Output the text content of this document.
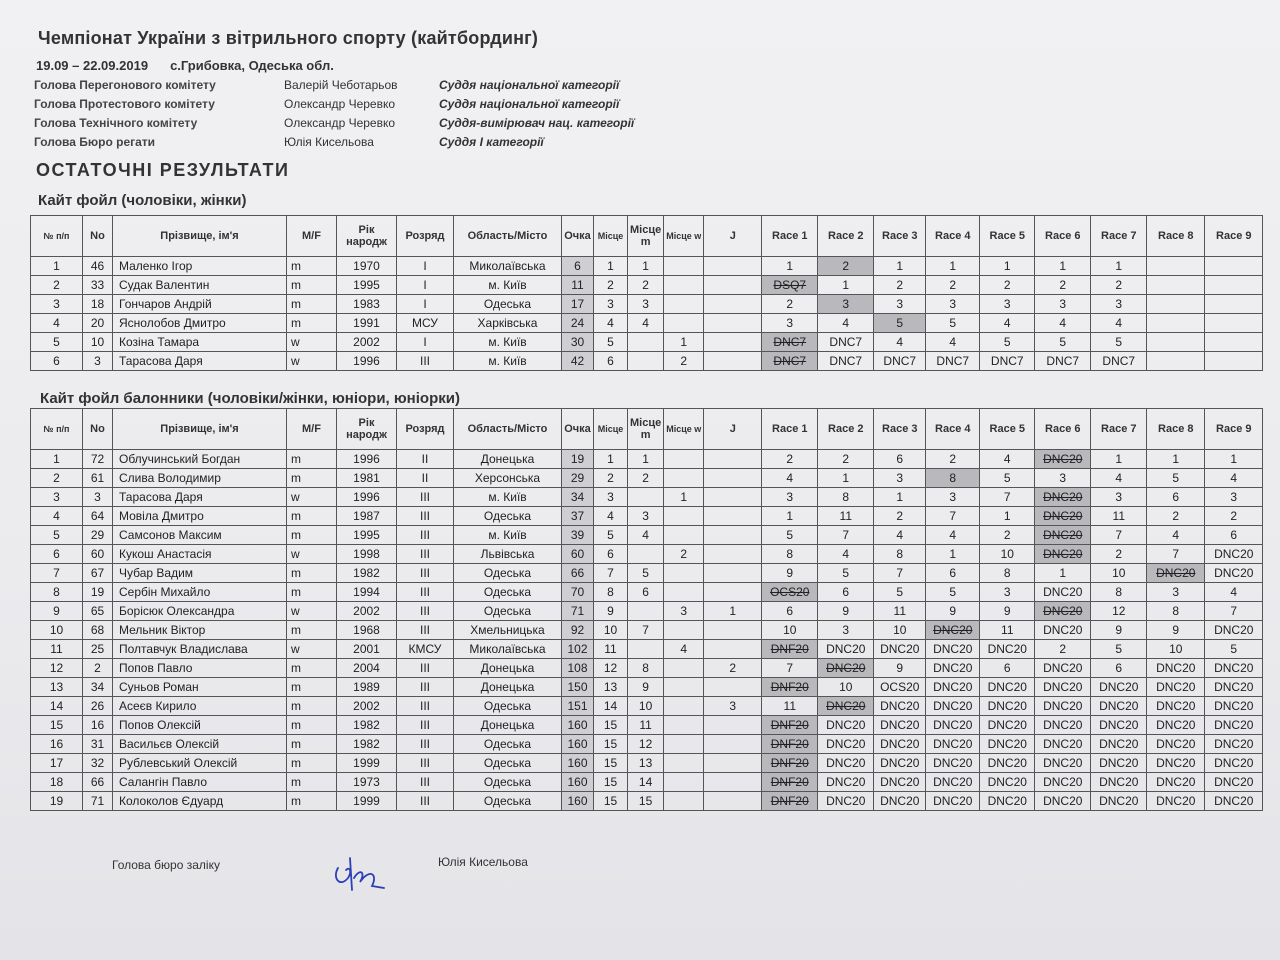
Чемпіонат України з вітрильного спорту (кайтбординг)
19.09 – 22.09.2019 с.Грибовка, Одеська обл.
Голова Перегонового комітету	Валерій Чеботарьов	Суддя національної категорії
Голова Протестового комітету	Олександр Черевко	Суддя національної категорії
Голова Технічного комітету	Олександр Черевко	Суддя-вимірювач нац. категорії
Голова Бюро регати	Юлія Кисельова	Суддя І категорії
ОСТАТОЧНІ РЕЗУЛЬТАТИ
Кайт фойл (чоловіки, жінки)
№ п/п	No	Прізвище, ім'я	M/F	Рік народж	Розряд	Область/Місто	Очка	Місце	Місце m	Місце w	J	Race 1	Race 2	Race 3	Race 4	Race 5	Race 6	Race 7	Race 8	Race 9
1	46	Маленко Ігор	m	1970	I	Миколаївська	6	1	1			1	2	1	1	1	1	1		
2	33	Судак Валентин	m	1995	I	м. Київ	11	2	2			DSQ7	1	2	2	2	2	2		
3	18	Гончаров Андрій	m	1983	I	Одеська	17	3	3			2	3	3	3	3	3	3		
4	20	Яснолобов Дмитро	m	1991	МСУ	Харківська	24	4	4			3	4	5	5	4	4	4		
5	10	Козіна Тамара	w	2002	I	м. Київ	30	5		1		DNC7	DNC7	4	4	5	5	5		
6	3	Тарасова Даря	w	1996	III	м. Київ	42	6		2		DNC7	DNC7	DNC7	DNC7	DNC7	DNC7	DNC7		
Кайт фойл балонники (чоловіки/жінки, юніори, юніорки)
№ п/п	No	Прізвище, ім'я	M/F	Рік народж	Розряд	Область/Місто	Очка	Місце	Місце m	Місце w	J	Race 1	Race 2	Race 3	Race 4	Race 5	Race 6	Race 7	Race 8	Race 9
1	72	Облучинський Богдан	m	1996	II	Донецька	19	1	1			2	2	6	2	4	DNC20	1	1	1
2	61	Слива Володимир	m	1981	II	Херсонська	29	2	2			4	1	3	8	5	3	4	5	4
3	3	Тарасова Даря	w	1996	III	м. Київ	34	3		1		3	8	1	3	7	DNC20	3	6	3
4	64	Мовіла Дмитро	m	1987	III	Одеська	37	4	3			1	11	2	7	1	DNC20	11	2	2
5	29	Самсонов Максим	m	1995	III	м. Київ	39	5	4			5	7	4	4	2	DNC20	7	4	6
6	60	Кукош Анастасія	w	1998	III	Львівська	60	6		2		8	4	8	1	10	DNC20	2	7	DNC20
7	67	Чубар Вадим	m	1982	III	Одеська	66	7	5			9	5	7	6	8	1	10	DNC20	DNC20
8	19	Сербін Михайло	m	1994	III	Одеська	70	8	6			OCS20	6	5	5	3	DNC20	8	3	4
9	65	Борісюк Олександра	w	2002	III	Одеська	71	9		3	1	6	9	11	9	9	DNC20	12	8	7
10	68	Мельник Віктор	m	1968	III	Хмельницька	92	10	7			10	3	10	DNC20	11	DNC20	9	9	DNC20
11	25	Полтавчук Владислава	w	2001	КМСУ	Миколаївська	102	11		4		DNF20	DNC20	DNC20	DNC20	DNC20	2	5	10	5
12	2	Попов Павло	m	2004	III	Донецька	108	12	8		2	7	DNC20	9	DNC20	6	DNC20	6	DNC20	DNC20
13	34	Суньов Роман	m	1989	III	Донецька	150	13	9			DNF20	10	OCS20	DNC20	DNC20	DNC20	DNC20	DNC20	DNC20
14	26	Асеєв Кирило	m	2002	III	Одеська	151	14	10		3	11	DNC20	DNC20	DNC20	DNC20	DNC20	DNC20	DNC20	DNC20
15	16	Попов Олексій	m	1982	III	Донецька	160	15	11			DNF20	DNC20	DNC20	DNC20	DNC20	DNC20	DNC20	DNC20	DNC20
16	31	Васильєв Олексій	m	1982	III	Одеська	160	15	12			DNF20	DNC20	DNC20	DNC20	DNC20	DNC20	DNC20	DNC20	DNC20
17	32	Рублевський Олексій	m	1999	III	Одеська	160	15	13			DNF20	DNC20	DNC20	DNC20	DNC20	DNC20	DNC20	DNC20	DNC20
18	66	Салангін Павло	m	1973	III	Одеська	160	15	14			DNF20	DNC20	DNC20	DNC20	DNC20	DNC20	DNC20	DNC20	DNC20
19	71	Колоколов Єдуард	m	1999	III	Одеська	160	15	15			DNF20	DNC20	DNC20	DNC20	DNC20	DNC20	DNC20	DNC20	DNC20
Голова бюро заліку	Юлія Кисельова
